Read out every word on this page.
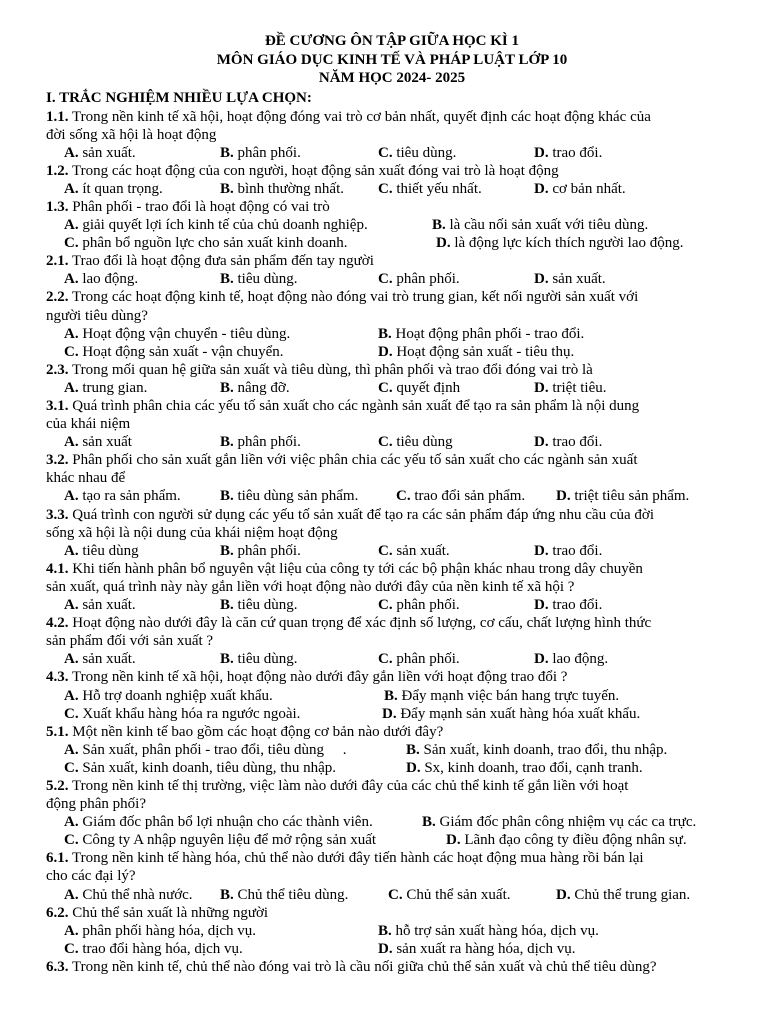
ĐỀ CƯƠNG ÔN TẬP GIỮA HỌC KÌ 1
MÔN GIÁO DỤC KINH TẾ VÀ PHÁP LUẬT LỚP 10
NĂM HỌC 2024- 2025
I. TRẮC NGHIỆM NHIỀU LỰA CHỌN:
1.1. Trong nền kinh tế xã hội, hoạt động đóng vai trò cơ bản nhất, quyết định các hoạt động khác của
đời sống xã hội là hoạt động
A. sản xuất.	B. phân phối.	C. tiêu dùng.	D. trao đổi.
1.2. Trong các hoạt động của con người, hoạt động sản xuất đóng vai trò là hoạt động
A. ít quan trọng.	B. bình thường nhất. C. thiết yếu nhất.	D. cơ bản nhất.
1.3. Phân phối - trao đổi là hoạt động có vai trò
A. giải quyết lợi ích kinh tế của chủ doanh nghiệp.	B. là cầu nối sản xuất với tiêu dùng.
C. phân bổ nguồn lực cho sản xuất kinh doanh.	D. là động lực kích thích người lao động.
2.1. Trao đổi là hoạt động đưa sản phẩm đến tay người
A. lao động.	B. tiêu dùng.	C. phân phối.	D. sản xuất.
2.2. Trong các hoạt động kinh tế, hoạt động nào đóng vai trò trung gian, kết nối người sản xuất với
người tiêu dùng?
A. Hoạt động vận chuyển - tiêu dùng.	B. Hoạt động phân phối - trao đổi.
C. Hoạt động sản xuất - vận chuyển.	D. Hoạt động sản xuất - tiêu thụ.
2.3. Trong mối quan hệ giữa sản xuất và tiêu dùng, thì phân phối và trao đổi đóng vai trò là
A. trung gian.	B. nâng đỡ.	C. quyết định	D. triệt tiêu.
3.1. Quá trình phân chia các yếu tố sản xuất cho các ngành sản xuất để tạo ra sản phẩm là nội dung
của khái niệm
A. sản xuất	B. phân phối.	C. tiêu dùng	D. trao đổi.
3.2. Phân phối cho sản xuất gắn liền với việc phân chia các yếu tố sản xuất cho các ngành sản xuất
khác nhau để
A. tạo ra sản phẩm.	B. tiêu dùng sản phẩm.	C. trao đổi sản phẩm. D. triệt tiêu sản phẩm.
3.3. Quá trình con người sử dụng các yếu tố sản xuất để tạo ra các sản phẩm đáp ứng nhu cầu của đời
sống xã hội là nội dung của khái niệm hoạt động
A. tiêu dùng	B. phân phối.	C. sản xuất.	D. trao đổi.
4.1. Khi tiến hành phân bổ nguyên vật liệu của công ty tới các bộ phận khác nhau trong dây chuyền
sản xuất, quá trình này này gắn liền với hoạt động nào dưới đây của nền kinh tế xã hội ?
A. sản xuất.	B. tiêu dùng.	C. phân phối.	D. trao đổi.
4.2. Hoạt động nào dưới đây là căn cứ quan trọng để xác định số lượng, cơ cấu, chất lượng hình thức
sản phẩm đối với sản xuất ?
A. sản xuất.	B. tiêu dùng.	C. phân phối.	D. lao động.
4.3. Trong nền kinh tế xã hội, hoạt động nào dưới đây gắn liền với hoạt động trao đổi ?
A. Hỗ trợ doanh nghiệp xuất khẩu.	B. Đẩy mạnh việc bán hang trực tuyến.
C. Xuất khẩu hàng hóa ra ngước ngoài.	D. Đẩy mạnh sản xuất hàng hóa xuất khẩu.
5.1. Một nền kinh tế bao gồm các hoạt động cơ bản nào dưới đây?
A. Sản xuất, phân phối - trao đổi, tiêu dùng     .	B. Sản xuất, kinh doanh, trao đổi, thu nhập.
C. Sản xuất, kinh doanh, tiêu dùng, thu nhập.	D. Sx, kinh doanh, trao đổi, cạnh tranh.
5.2. Trong nền kinh tế thị trường, việc làm nào dưới đây của các chủ thể kinh tế gắn liền với hoạt
động phân phối?
A. Giám đốc phân bổ lợi nhuận cho các thành viên.	B. Giám đốc phân công nhiệm vụ các ca trực.
C. Công ty A nhập nguyên liệu để mở rộng sản xuất	D. Lãnh đạo công ty điều động nhân sự.
6.1. Trong nền kinh tế hàng hóa, chủ thể nào dưới đây tiến hành các hoạt động mua hàng rồi bán lại
cho các đại lý?
A. Chủ thể nhà nước. B. Chủ thể tiêu dùng.	C. Chủ thể sản xuất.	D. Chủ thể trung gian.
6.2. Chủ thể sản xuất là những người
A. phân phối hàng hóa, dịch vụ.	B. hỗ trợ sản xuất hàng hóa, dịch vụ.
C. trao đổi hàng hóa, dịch vụ.	D. sản xuất ra hàng hóa, dịch vụ.
6.3. Trong nền kinh tế, chủ thể nào đóng vai trò là cầu nối giữa chủ thể sản xuất và chủ thể tiêu dùng?
